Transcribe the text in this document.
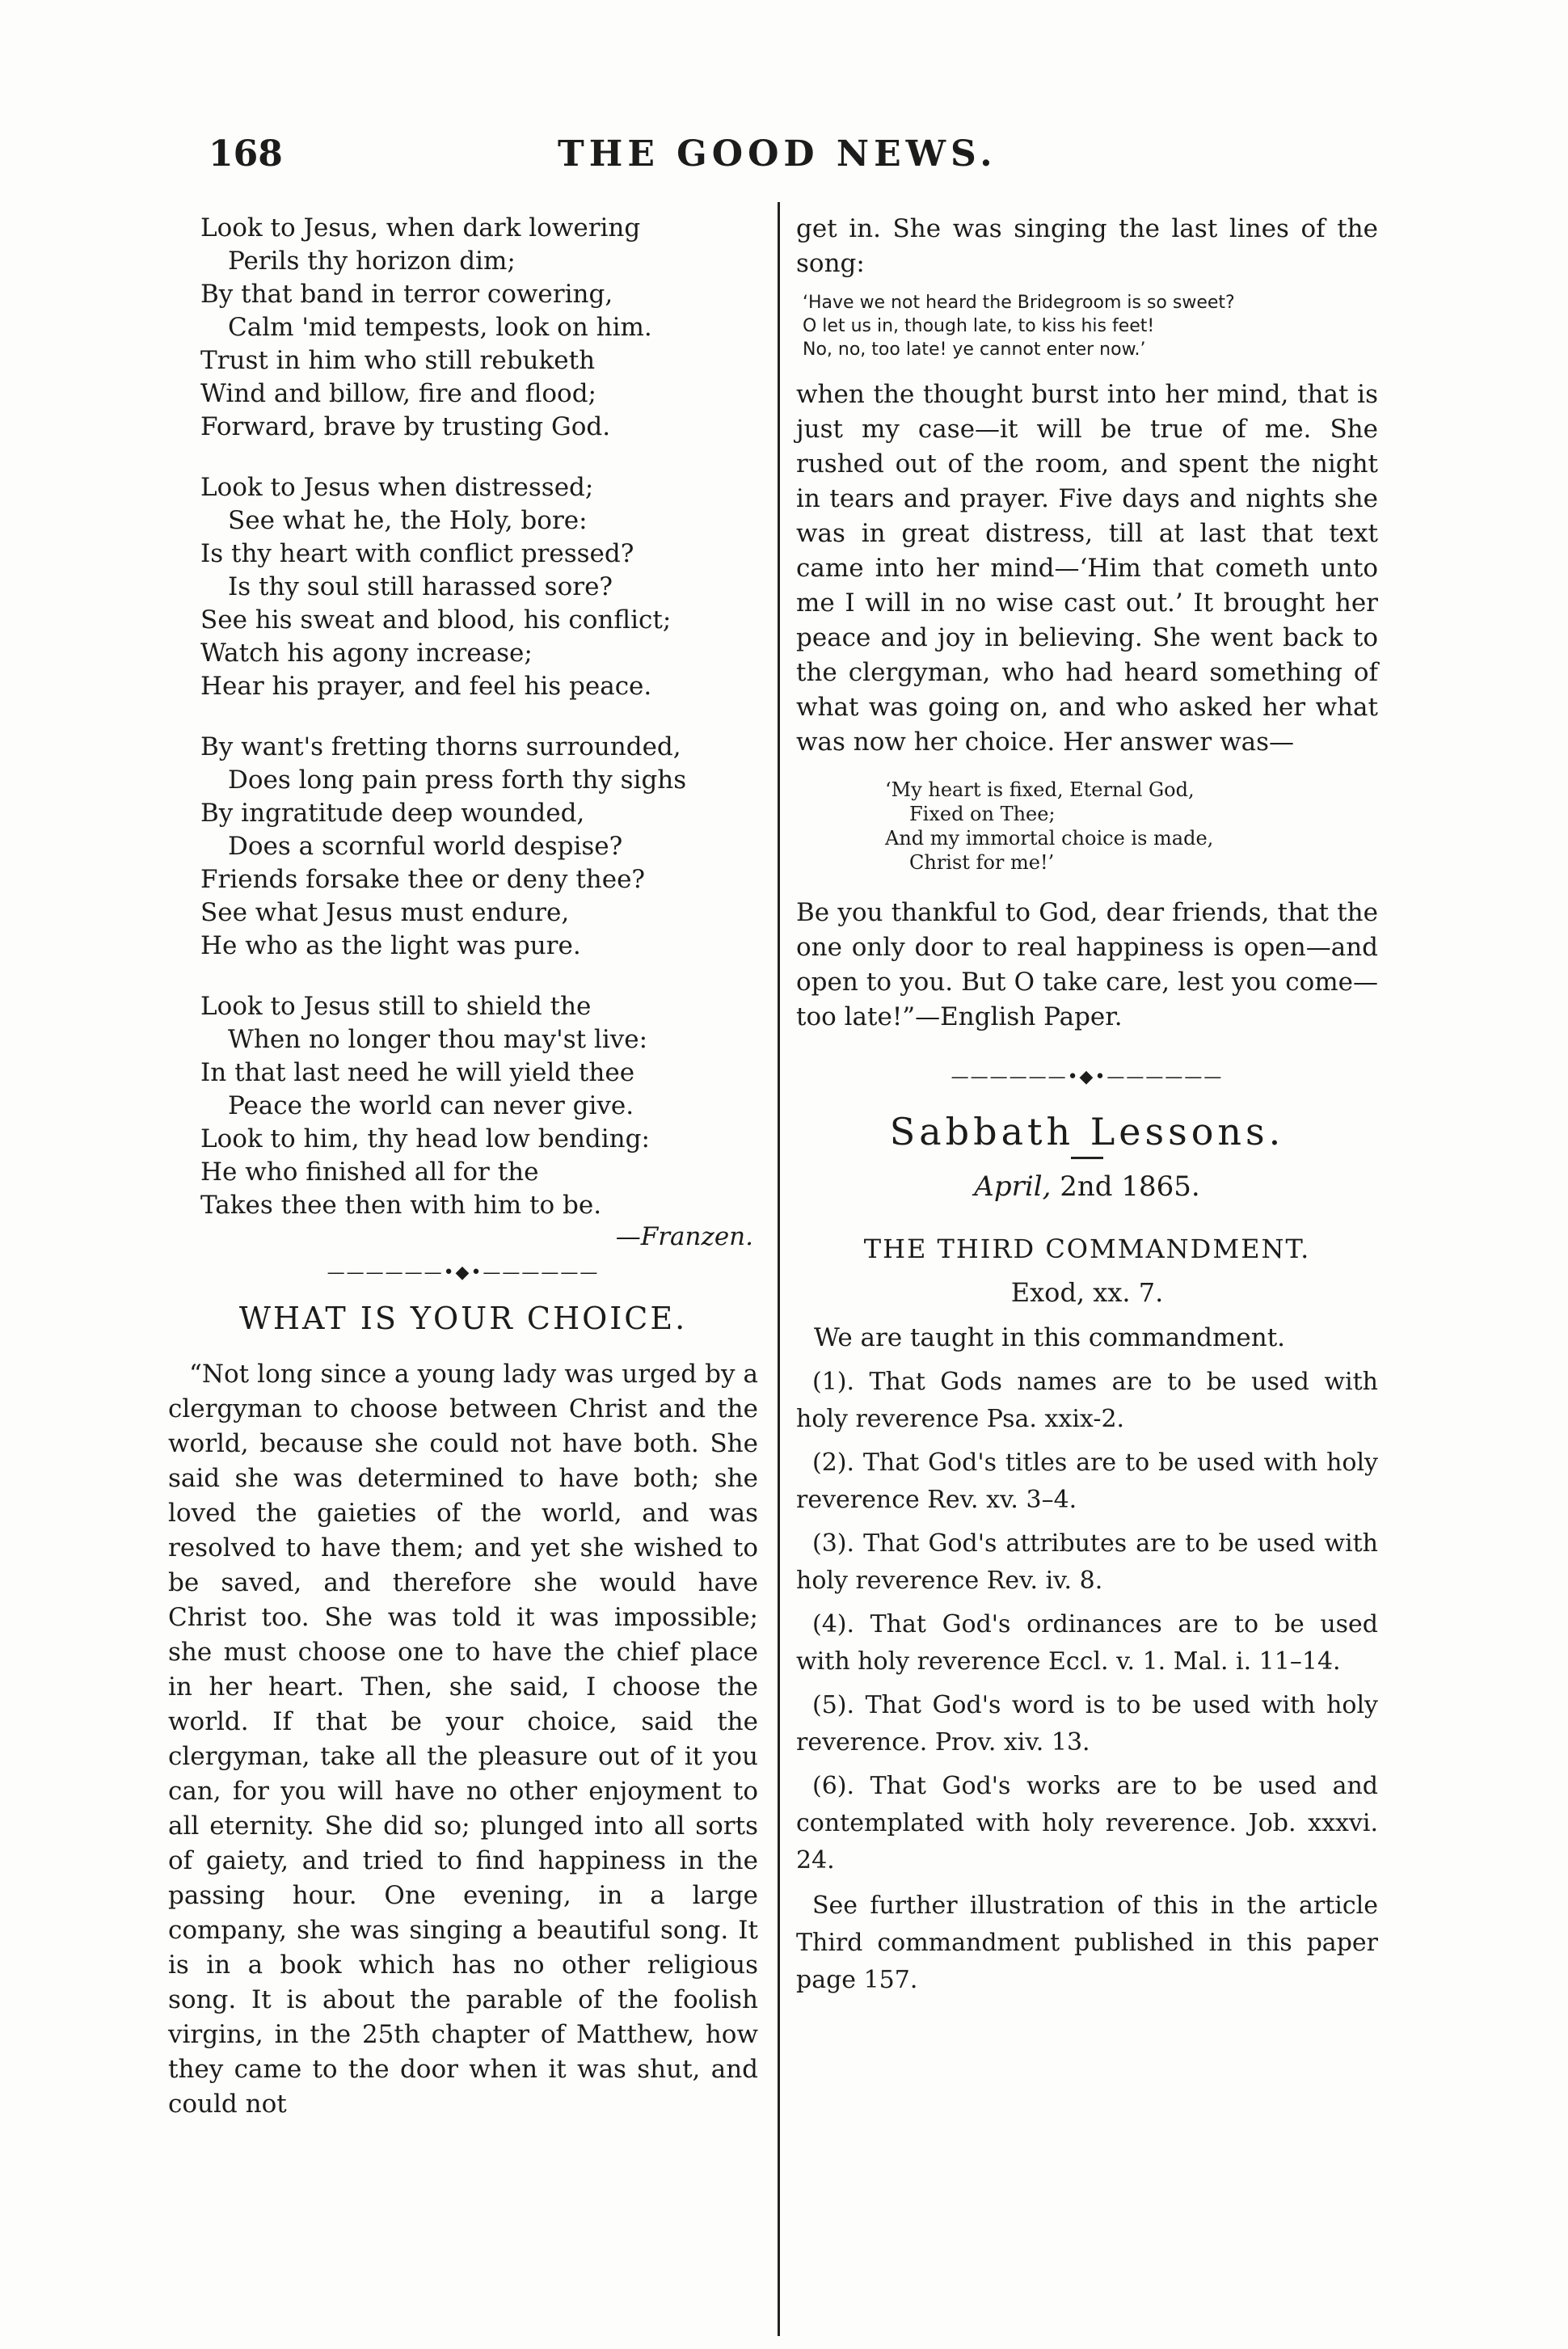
168	THE GOOD NEWS.
Look to Jesus, when dark lowering
Perils thy horizon dim;
By that band in terror cowering,
Calm 'mid tempests, look on him.
Trust in him who still rebuketh
Wind and billow, fire and flood;
Forward, brave by trusting God.
Look to Jesus when distressed;
See what he, the Holy, bore:
Is thy heart with conflict pressed?
Is thy soul still harassed sore?
See his sweat and blood, his conflict;
Watch his agony increase;
Hear his prayer, and feel his peace.
By want's fretting thorns surrounded,
Does long pain press forth thy sighs
By ingratitude deep wounded,
Does a scornful world despise?
Friends forsake thee or deny thee?
See what Jesus must endure,
He who as the light was pure.
Look to Jesus still to shield the
When no longer thou may'st live:
In that last need he will yield thee
Peace the world can never give.
Look to him, thy head low bending:
He who finished all for the
Takes thee then with him to be.
—Franzen.
——————•◆•——————
WHAT IS YOUR CHOICE.

“Not long since a young lady was urged by a clergyman to choose between Christ and the world, because she could not have both. She said she was determined to have both; she loved the gaieties of the world, and was resolved to have them; and yet she wished to be saved, and therefore she would have Christ too. She was told it was impossible; she must choose one to have the chief place in her heart. Then, she said, I choose the world. If that be your choice, said the clergyman, take all the pleasure out of it you can, for you will have no other enjoyment to all eternity. She did so; plunged into all sorts of gaiety, and tried to find happiness in the passing hour. One evening, in a large company, she was singing a beautiful song. It is in a book which has no other religious song. It is about the parable of the foolish virgins, in the 25th chapter of Matthew, how they came to the door when it was shut, and could not

get in. She was singing the last lines of the song:

‘Have we not heard the Bridegroom is so sweet?
O let us in, though late, to kiss his feet!
No, no, too late! ye cannot enter now.’

when the thought burst into her mind, that is just my case—it will be true of me. She rushed out of the room, and spent the night in tears and prayer. Five days and nights she was in great distress, till at last that text came into her mind—‘Him that cometh unto me I will in no wise cast out.’ It brought her peace and joy in believing. She went back to the clergyman, who had heard something of what was going on, and who asked her what was now her choice. Her answer was—

‘My heart is fixed, Eternal God,
Fixed on Thee;
And my immortal choice is made,
Christ for me!’

Be you thankful to God, dear friends, that the one only door to real happiness is open—and open to you. But O take care, lest you come—too late!”—English Paper.

——————•◆•——————
Sabbath Lessons.
April, 2nd 1865.
THE THIRD COMMANDMENT.
Exod, xx. 7.
We are taught in this commandment.
(1). That Gods names are to be used with holy reverence Psa. xxix-2.
(2). That God's titles are to be used with holy reverence Rev. xv. 3–4.
(3). That God's attributes are to be used with holy reverence Rev. iv. 8.
(4). That God's ordinances are to be used with holy reverence Eccl. v. 1. Mal. i. 11–14.
(5). That God's word is to be used with holy reverence. Prov. xiv. 13.
(6). That God's works are to be used and contemplated with holy reverence. Job. xxxvi. 24.
See further illustration of this in the article Third commandment published in this paper page 157.
